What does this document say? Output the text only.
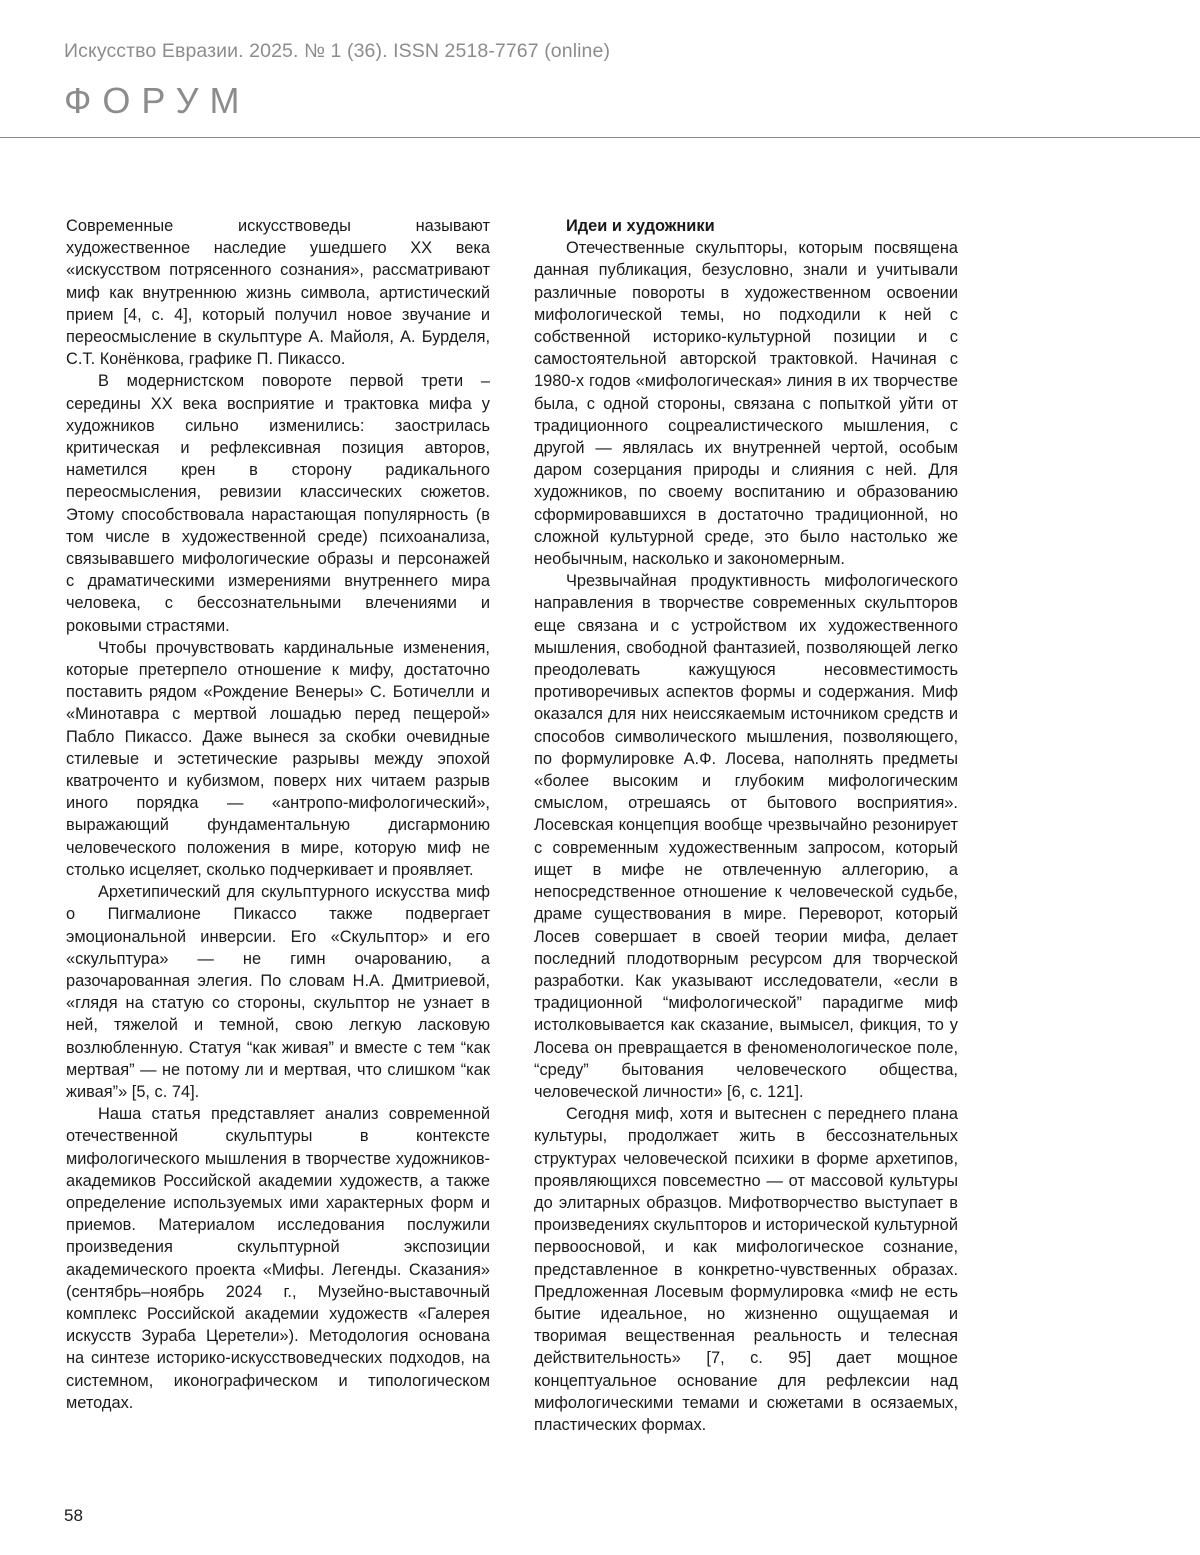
Искусство Евразии. 2025. № 1 (36). ISSN 2518-7767 (online)
ФОРУМ

Современные искусствоведы называют художественное наследие ушедшего XX века «искусством потрясенного сознания», рассматривают миф как внутреннюю жизнь символа, артистический прием [4, с. 4], который получил новое звучание и переосмысление в скульптуре А. Майоля, А. Бурделя, С.Т. Конёнкова, графике П. Пикассо.

В модернистском повороте первой трети – середины XX века восприятие и трактовка мифа у художников сильно изменились: заострилась критическая и рефлексивная позиция авторов, наметился крен в сторону радикального переосмысления, ревизии классических сюжетов. Этому способствовала нарастающая популярность (в том числе в художественной среде) психоанализа, связывавшего мифологические образы и персонажей с драматическими измерениями внутреннего мира человека, с бессознательными влечениями и роковыми страстями.

Чтобы прочувствовать кардинальные изменения, которые претерпело отношение к мифу, достаточно поставить рядом «Рождение Венеры» С. Ботичелли и «Минотавра с мертвой лошадью перед пещерой» Пабло Пикассо. Даже вынеся за скобки очевидные стилевые и эстетические разрывы между эпохой кватроченто и кубизмом, поверх них читаем разрыв иного порядка — «антропо-мифологический», выражающий фундаментальную дисгармонию человеческого положения в мире, которую миф не столько исцеляет, сколько подчеркивает и проявляет.

Архетипический для скульптурного искусства миф о Пигмалионе Пикассо также подвергает эмоциональной инверсии. Его «Скульптор» и его «скульптура» — не гимн очарованию, а разочарованная элегия. По словам Н.А. Дмитриевой, «глядя на статую со стороны, скульптор не узнает в ней, тяжелой и темной, свою легкую ласковую возлюбленную. Статуя “как живая” и вместе с тем “как мертвая” — не потому ли и мертвая, что слишком “как живая”» [5, с. 74].

Наша статья представляет анализ современной отечественной скульптуры в контексте мифологического мышления в творчестве художников-академиков Российской академии художеств, а также определение используемых ими характерных форм и приемов. Материалом исследования послужили произведения скульптурной экспозиции академического проекта «Мифы. Легенды. Сказания» (сентябрь–ноябрь 2024 г., Музейно-выставочный комплекс Российской академии художеств «Галерея искусств Зураба Церетели»). Методология основана на синтезе историко-искусствоведческих подходов, на системном, иконографическом и типологическом методах.

Идеи и художники

Отечественные скульпторы, которым посвящена данная публикация, безусловно, знали и учитывали различные повороты в художественном освоении мифологической темы, но подходили к ней с собственной историко-культурной позиции и с самостоятельной авторской трактовкой. Начиная с 1980-х годов «мифологическая» линия в их творчестве была, с одной стороны, связана с попыткой уйти от традиционного соцреалистического мышления, с другой — являлась их внутренней чертой, особым даром созерцания природы и слияния с ней. Для художников, по своему воспитанию и образованию сформировавшихся в достаточно традиционной, но сложной культурной среде, это было настолько же необычным, насколько и закономерным.

Чрезвычайная продуктивность мифологического направления в творчестве современных скульпторов еще связана и с устройством их художественного мышления, свободной фантазией, позволяющей легко преодолевать кажущуюся несовместимость противоречивых аспектов формы и содержания. Миф оказался для них неиссякаемым источником средств и способов символического мышления, позволяющего, по формулировке А.Ф. Лосева, наполнять предметы «более высоким и глубоким мифологическим смыслом, отрешаясь от бытового восприятия». Лосевская концепция вообще чрезвычайно резонирует с современным художественным запросом, который ищет в мифе не отвлеченную аллегорию, а непосредственное отношение к человеческой судьбе, драме существования в мире. Переворот, который Лосев совершает в своей теории мифа, делает последний плодотворным ресурсом для творческой разработки. Как указывают исследователи, «если в традиционной “мифологической” парадигме миф истолковывается как сказание, вымысел, фикция, то у Лосева он превращается в феноменологическое поле, “среду” бытования человеческого общества, человеческой личности» [6, с. 121].

Сегодня миф, хотя и вытеснен с переднего плана культуры, продолжает жить в бессознательных структурах человеческой психики в форме архетипов, проявляющихся повсеместно — от массовой культуры до элитарных образцов. Мифотворчество выступает в произведениях скульпторов и исторической культурной первоосновой, и как мифологическое сознание, представленное в конкретно-чувственных образах. Предложенная Лосевым формулировка «миф не есть бытие идеальное, но жизненно ощущаемая и творимая вещественная реальность и телесная действительность» [7, с. 95] дает мощное концептуальное основание для рефлексии над мифологическими темами и сюжетами в осязаемых, пластических формах.

58
